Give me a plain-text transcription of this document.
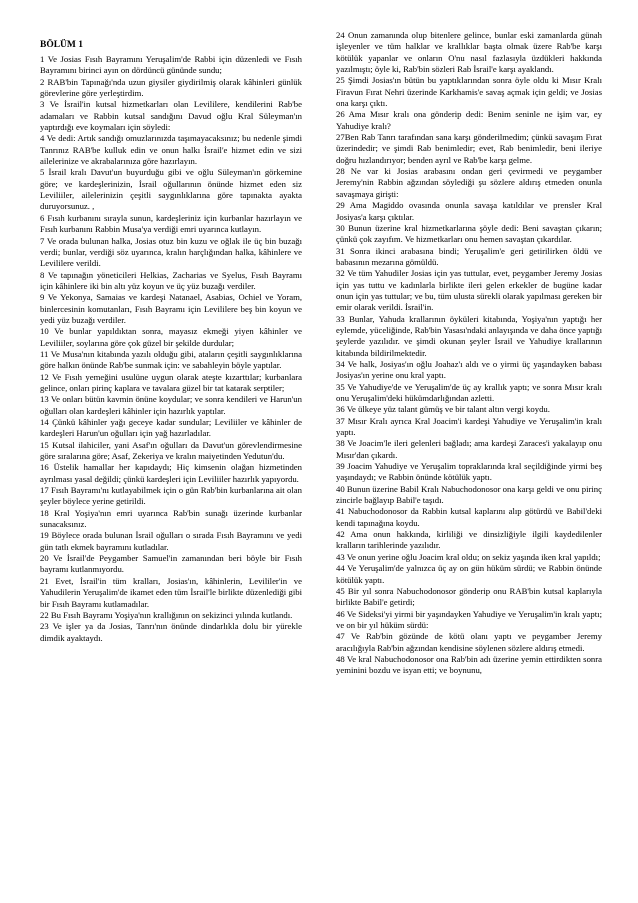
BÖLÜM 1

1 Ve Josias Fısıh Bayramını Yeruşalim'de Rabbi için düzenledi ve Fısıh Bayramını birinci ayın on dördüncü gününde sundu;

2 RAB'bin Tapınağı'nda uzun giysiler giydirilmiş olarak kâhinleri günlük görevlerine göre yerleştirdim.

3 Ve İsrail'in kutsal hizmetkarları olan Levililere, kendilerini Rab'be adamaları ve Rabbin kutsal sandığını Davud oğlu Kral Süleyman'ın yaptırdığı eve koymaları için söyledi:

4 Ve dedi: Artık sandığı omuzlarınızda taşımayacaksınız; bu nedenle şimdi Tanrınız RAB'be kulluk edin ve onun halkı İsrail'e hizmet edin ve sizi ailelerinize ve akrabalarınıza göre hazırlayın.

5 İsrail kralı Davut'un buyurduğu gibi ve oğlu Süleyman'ın görkemine göre; ve kardeşlerinizin, İsrail oğullarının önünde hizmet eden siz Leviliiler, ailelerinizin çeşitli saygınlıklarına göre tapınakta ayakta duruyorsunuz. ,

6 Fısıh kurbanını sırayla sunun, kardeşleriniz için kurbanlar hazırlayın ve Fısıh kurbanını Rabbin Musa'ya verdiği emri uyarınca kutlayın.

7 Ve orada bulunan halka, Josias otuz bin kuzu ve oğlak ile üç bin buzağı verdi; bunlar, verdiği söz uyarınca, kralın harçlığından halka, kâhinlere ve Levililere verildi.

8 Ve tapınağın yöneticileri Helkias, Zacharias ve Syelus, Fısıh Bayramı için kâhinlere iki bin altı yüz koyun ve üç yüz buzağı verdiler.

9 Ve Yekonya, Samaias ve kardeşi Natanael, Asabias, Ochiel ve Yoram, binlercesinin komutanları, Fısıh Bayramı için Levililere beş bin koyun ve yedi yüz buzağı verdiler.

10 Ve bunlar yapıldıktan sonra, mayasız ekmeği yiyen kâhinler ve Leviliiler, soylarına göre çok güzel bir şekilde durdular;

11 Ve Musa'nın kitabında yazılı olduğu gibi, ataların çeşitli saygınlıklarına göre halkın önünde Rab'be sunmak için: ve sabahleyin böyle yaptılar.

12 Ve Fısıh yemeğini usulüne uygun olarak ateşte kızarttılar; kurbanlara gelince, onları pirinç kaplara ve tavalara güzel bir tat katarak serptiler;

13 Ve onları bütün kavmin önüne koydular; ve sonra kendileri ve Harun'un oğulları olan kardeşleri kâhinler için hazırlık yaptılar.

14 Çünkü kâhinler yağı geceye kadar sundular; Leviliiler ve kâhinler de kardeşleri Harun'un oğulları için yağ hazırladılar.

15 Kutsal ilahiciler, yani Asaf'ın oğulları da Davut'un görevlendirmesine göre sıralarına göre; Asaf, Zekeriya ve kralın maiyetinden Yedutun'du.

16 Üstelik hamallar her kapıdaydı; Hiç kimsenin olağan hizmetinden ayrılması yasal değildi; çünkü kardeşleri için Leviliiler hazırlık yapıyordu.

17 Fısıh Bayramı'nı kutlayabilmek için o gün Rab'bin kurbanlarına ait olan şeyler böylece yerine getirildi.

18 Kral Yoşiya'nın emri uyarınca Rab'bin sunağı üzerinde kurbanlar sunacaksınız.

19 Böylece orada bulunan İsrail oğulları o sırada Fısıh Bayramını ve yedi gün tatlı ekmek bayramını kutladılar.

20 Ve İsrail'de Peygamber Samuel'in zamanından beri böyle bir Fısıh bayramı kutlanmıyordu.

21 Evet, İsrail'in tüm kralları, Josias'ın, kâhinlerin, Levililer'in ve Yahudilerin Yeruşalim'de ikamet eden tüm İsrail'le birlikte düzenlediği gibi bir Fısıh Bayramı kutlamadılar.

22 Bu Fısıh Bayramı Yoşiya'nın krallığının on sekizinci yılında kutlandı.

23 Ve işler ya da Josias, Tanrı'nın önünde dindarlıkla dolu bir yürekle dimdik ayaktaydı.

24 Onun zamanında olup bitenlere gelince, bunlar eski zamanlarda günah işleyenler ve tüm halklar ve krallıklar başta olmak üzere Rab'be karşı kötülük yapanlar ve onların O'nu nasıl fazlasıyla üzdükleri hakkında yazılmıştı; öyle ki, Rab'bin sözleri Rab İsrail'e karşı ayaklandı.

25 Şimdi Josias'ın bütün bu yaptıklarından sonra öyle oldu ki Mısır Kralı Firavun Fırat Nehri üzerinde Karkhamis'e savaş açmak için geldi; ve Josias ona karşı çıktı.

26 Ama Mısır kralı ona gönderip dedi: Benim seninle ne işim var, ey Yahudiye kralı?

27Ben Rab Tanrı tarafından sana karşı gönderilmedim; çünkü savaşım Fırat üzerindedir; ve şimdi Rab benimledir; evet, Rab benimledir, beni ileriye doğru hızlandırıyor; benden ayrıl ve Rab'be karşı gelme.

28 Ne var ki Josias arabasını ondan geri çevirmedi ve peygamber Jeremy'nin Rabbin ağzından söylediği şu sözlere aldırış etmeden onunla savaşmaya girişti:

29 Ama Magiddo ovasında onunla savaşa katıldılar ve prensler Kral Josiyas'a karşı çıktılar.

30 Bunun üzerine kral hizmetkarlarına şöyle dedi: Beni savaştan çıkarın; çünkü çok zayıfım. Ve hizmetkarları onu hemen savaştan çıkardılar.

31 Sonra ikinci arabasına bindi; Yeruşalim'e geri getirilirken öldü ve babasının mezarına gömüldü.

32 Ve tüm Yahudiler Josias için yas tuttular, evet, peygamber Jeremy Josias için yas tuttu ve kadınlarla birlikte ileri gelen erkekler de bugüne kadar onun için yas tuttular; ve bu, tüm ulusta sürekli olarak yapılması gereken bir emir olarak verildi. İsrail'in.

33 Bunlar, Yahuda krallarının öyküleri kitabında, Yoşiya'nın yaptığı her eylemde, yüceliğinde, Rab'bin Yasası'ndaki anlayışında ve daha önce yaptığı şeylerde yazılıdır. ve şimdi okunan şeyler İsrail ve Yahudiye krallarının kitabında bildirilmektedir.

34 Ve halk, Josiyas'ın oğlu Joahaz'ı aldı ve o yirmi üç yaşındayken babası Josiyas'ın yerine onu kral yaptı.

35 Ve Yahudiye'de ve Yeruşalim'de üç ay krallık yaptı; ve sonra Mısır kralı onu Yeruşalim'deki hükümdarlığından azletti.

36 Ve ülkeye yüz talant gümüş ve bir talant altın vergi koydu.

37 Mısır Kralı ayrıca Kral Joacim'i kardeşi Yahudiye ve Yeruşalim'in kralı yaptı.

38 Ve Joacim'le ileri gelenleri bağladı; ama kardeşi Zaraces'i yakalayıp onu Mısır'dan çıkardı.

39 Joacim Yahudiye ve Yeruşalim topraklarında kral seçildiğinde yirmi beş yaşındaydı; ve Rabbin önünde kötülük yaptı.

40 Bunun üzerine Babil Kralı Nabuchodonosor ona karşı geldi ve onu pirinç zincirle bağlayıp Babil'e taşıdı.

41 Nabuchodonosor da Rabbin kutsal kaplarını alıp götürdü ve Babil'deki kendi tapınağına koydu.

42 Ama onun hakkında, kirliliği ve dinsizliğiyle ilgili kaydedilenler kralların tarihlerinde yazılıdır.

43 Ve onun yerine oğlu Joacim kral oldu; on sekiz yaşında iken kral yapıldı;

44 Ve Yeruşalim'de yalnızca üç ay on gün hüküm sürdü; ve Rabbin önünde kötülük yaptı.

45 Bir yıl sonra Nabuchodonosor gönderip onu RAB'bin kutsal kaplarıyla birlikte Babil'e getirdi;

46 Ve Sideksi'yi yirmi bir yaşındayken Yahudiye ve Yeruşalim'in kralı yaptı; ve on bir yıl hüküm sürdü:

47 Ve Rab'bin gözünde de kötü olanı yaptı ve peygamber Jeremy aracılığıyla Rab'bin ağzından kendisine söylenen sözlere aldırış etmedi.

48 Ve kral Nabuchodonosor ona Rab'bin adı üzerine yemin ettirdikten sonra yeminini bozdu ve isyan etti; ve boynunu,
